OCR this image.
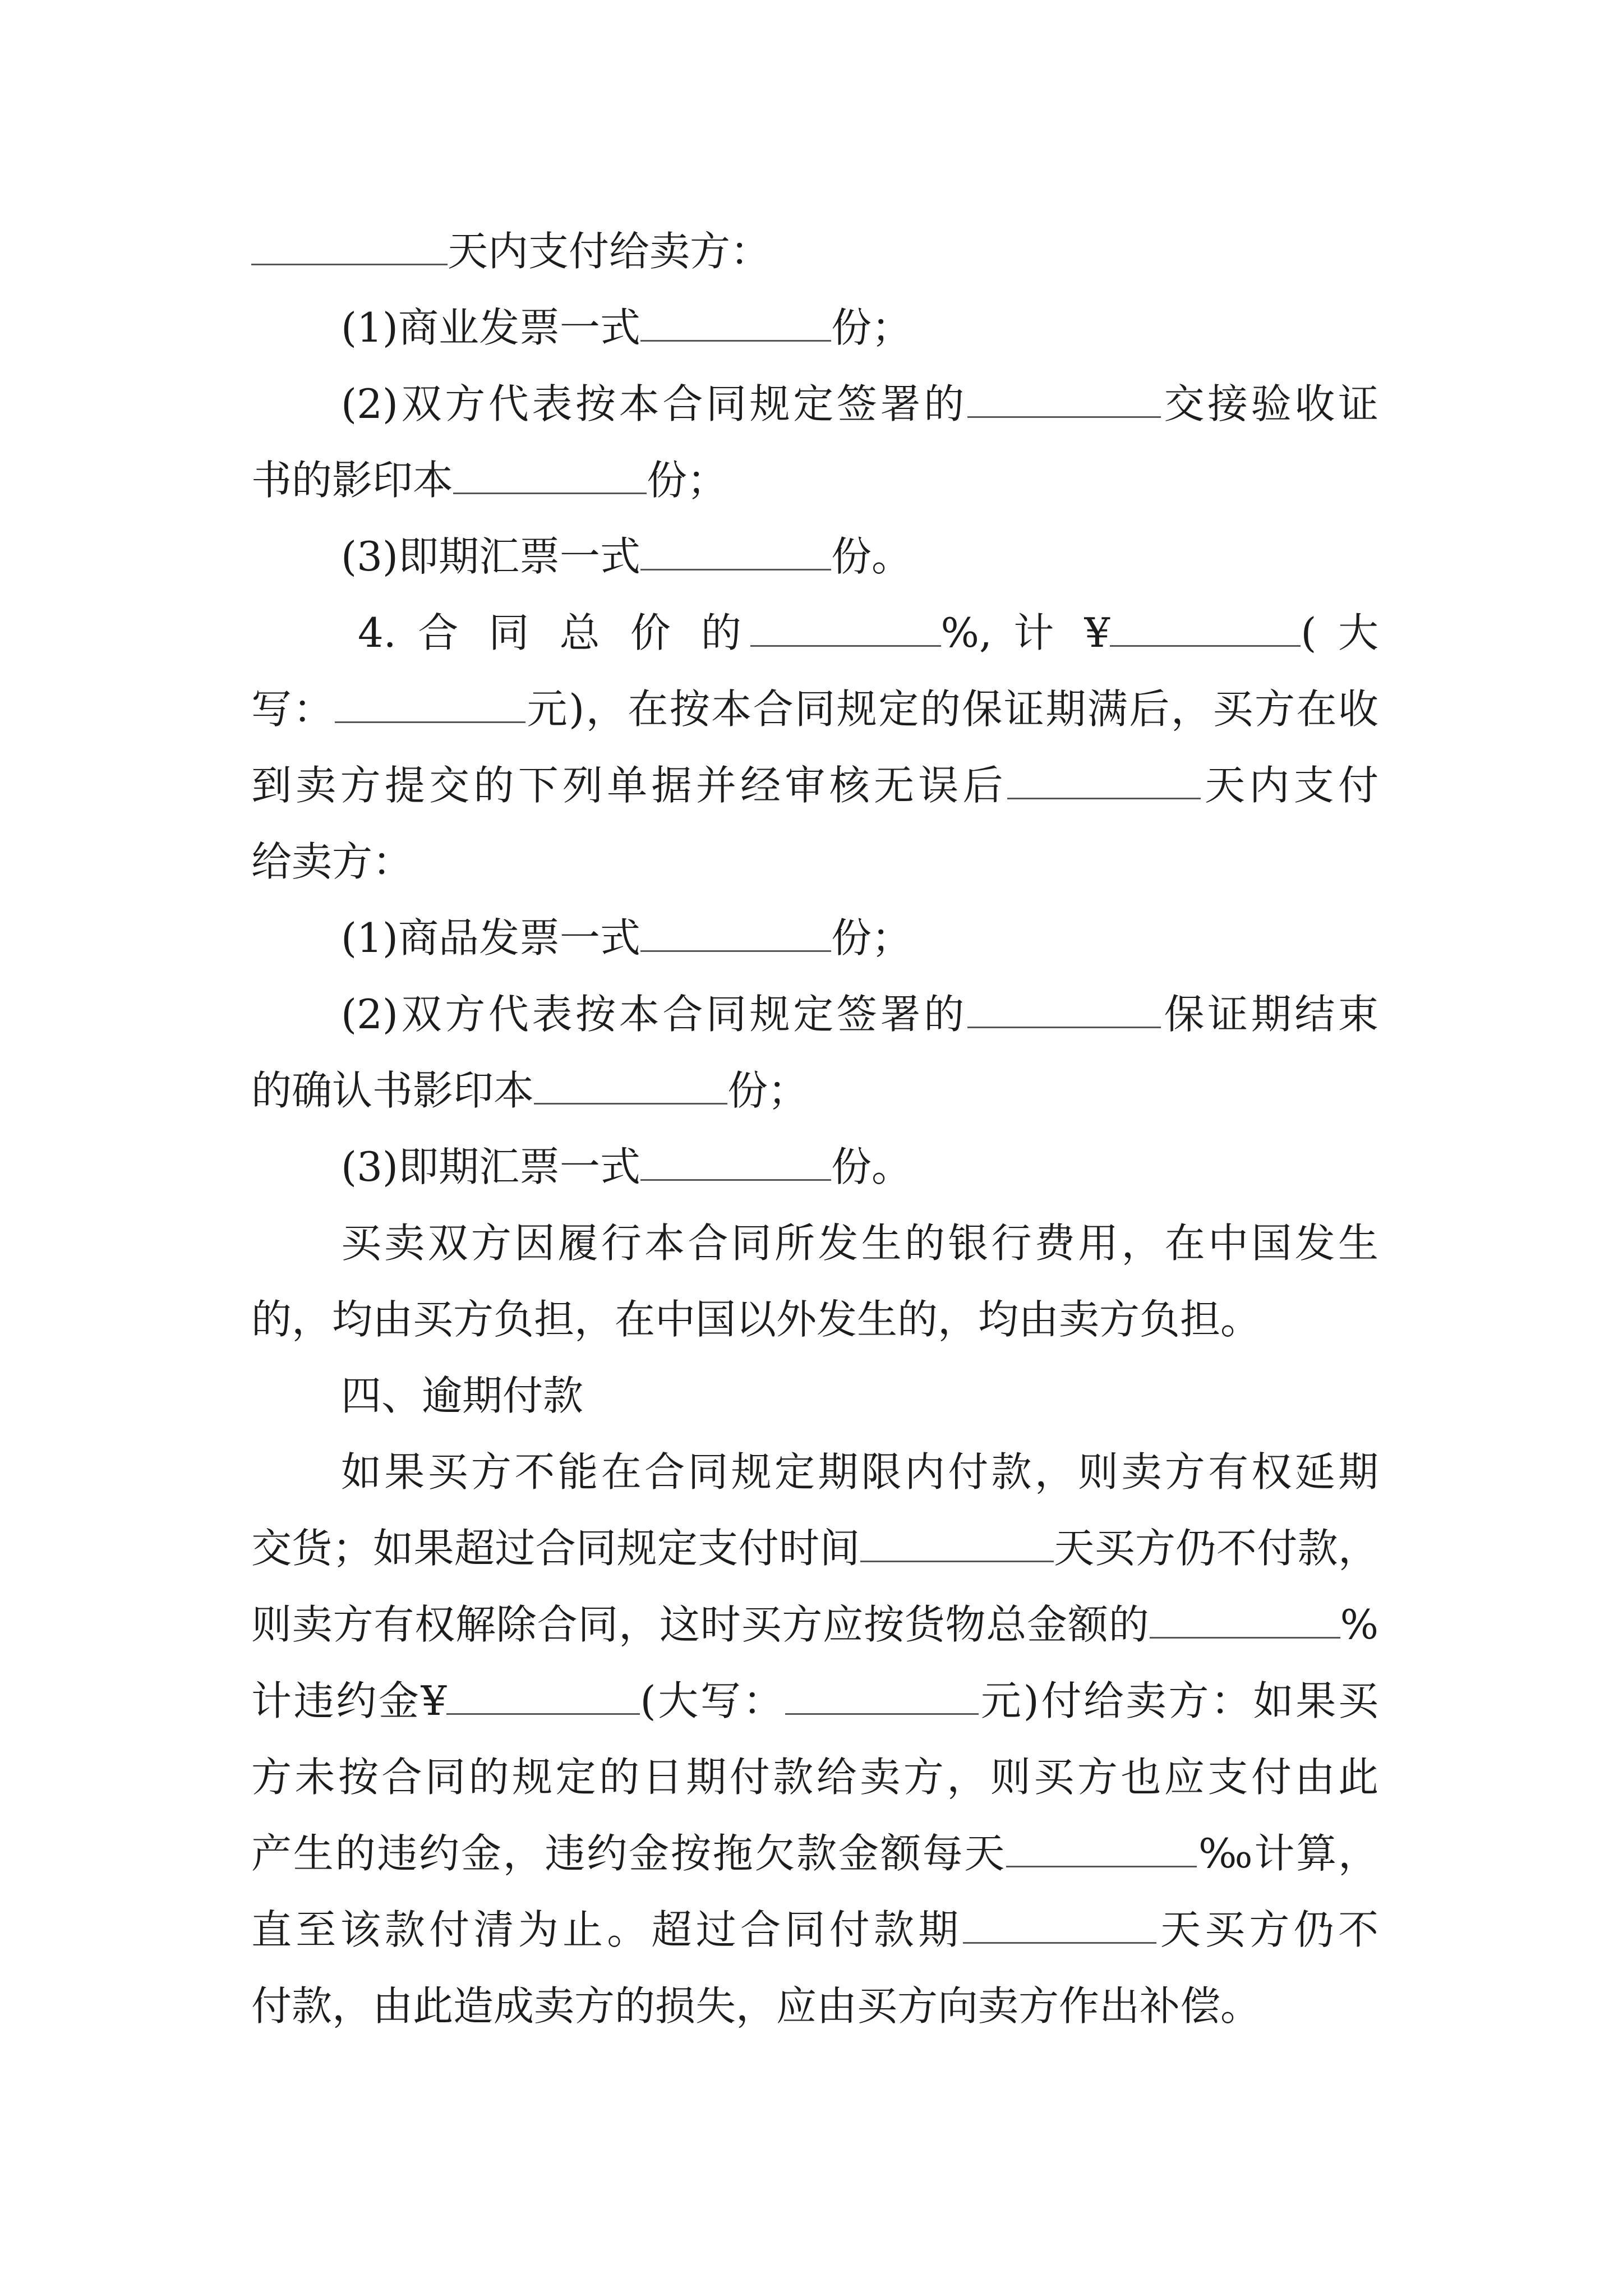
天内支付给卖方：
(1)商业发票一式	份；
(2)双方代表按本合同规定签署的	交接验收证
书的影印本	份；
(3)即期汇票一式	份。
4. 合 同 总 价 的	%, 计 ¥	( 大
写：	元)，在按本合同规定的保证期满后，买方在收
到卖方提交的下列单据并经审核无误后	天内支付
给卖方：
(1)商品发票一式	份；
(2)双方代表按本合同规定签署的	保证期结束
的确认书影印本	份；
(3)即期汇票一式	份。
买卖双方因履行本合同所发生的银行费用，在中国发生
的，均由买方负担，在中国以外发生的，均由卖方负担。
四、逾期付款
如果买方不能在合同规定期限内付款，则卖方有权延期
交货；如果超过合同规定支付时间	天买方仍不付款，
则卖方有权解除合同，这时买方应按货物总金额的	%
计违约金¥	(大写：	元)付给卖方：如果买
方未按合同的规定的日期付款给卖方，则买方也应支付由此
产生的违约金，违约金按拖欠款金额每天	‰计算，
直至该款付清为止。超过合同付款期	天买方仍不
付款，由此造成卖方的损失，应由买方向卖方作出补偿。
